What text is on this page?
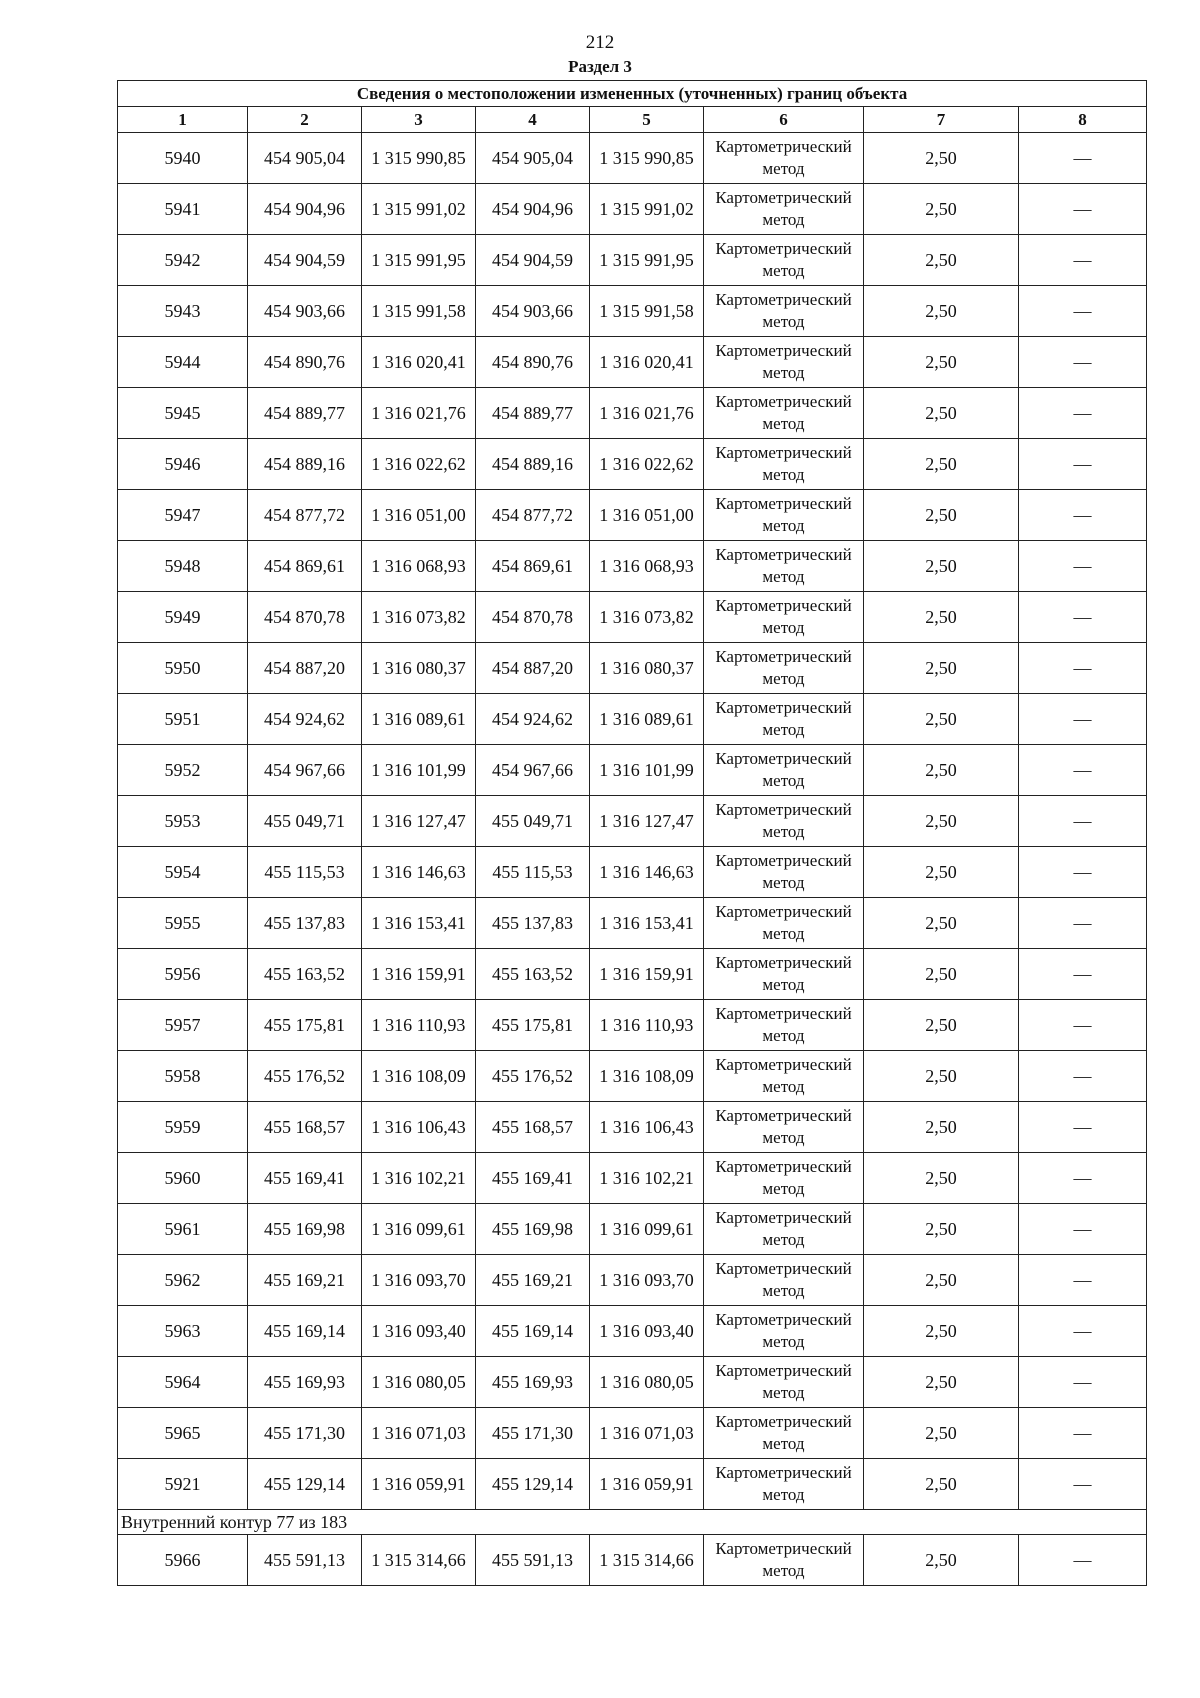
212
Раздел 3
Сведения о местоположении измененных (уточненных) границ объекта							
1	2	3	4	5	6	7	8
5940	454 905,04	1 315 990,85	454 905,04	1 315 990,85	Картометрический метод	2,50	—
5941	454 904,96	1 315 991,02	454 904,96	1 315 991,02	Картометрический метод	2,50	—
5942	454 904,59	1 315 991,95	454 904,59	1 315 991,95	Картометрический метод	2,50	—
5943	454 903,66	1 315 991,58	454 903,66	1 315 991,58	Картометрический метод	2,50	—
5944	454 890,76	1 316 020,41	454 890,76	1 316 020,41	Картометрический метод	2,50	—
5945	454 889,77	1 316 021,76	454 889,77	1 316 021,76	Картометрический метод	2,50	—
5946	454 889,16	1 316 022,62	454 889,16	1 316 022,62	Картометрический метод	2,50	—
5947	454 877,72	1 316 051,00	454 877,72	1 316 051,00	Картометрический метод	2,50	—
5948	454 869,61	1 316 068,93	454 869,61	1 316 068,93	Картометрический метод	2,50	—
5949	454 870,78	1 316 073,82	454 870,78	1 316 073,82	Картометрический метод	2,50	—
5950	454 887,20	1 316 080,37	454 887,20	1 316 080,37	Картометрический метод	2,50	—
5951	454 924,62	1 316 089,61	454 924,62	1 316 089,61	Картометрический метод	2,50	—
5952	454 967,66	1 316 101,99	454 967,66	1 316 101,99	Картометрический метод	2,50	—
5953	455 049,71	1 316 127,47	455 049,71	1 316 127,47	Картометрический метод	2,50	—
5954	455 115,53	1 316 146,63	455 115,53	1 316 146,63	Картометрический метод	2,50	—
5955	455 137,83	1 316 153,41	455 137,83	1 316 153,41	Картометрический метод	2,50	—
5956	455 163,52	1 316 159,91	455 163,52	1 316 159,91	Картометрический метод	2,50	—
5957	455 175,81	1 316 110,93	455 175,81	1 316 110,93	Картометрический метод	2,50	—
5958	455 176,52	1 316 108,09	455 176,52	1 316 108,09	Картометрический метод	2,50	—
5959	455 168,57	1 316 106,43	455 168,57	1 316 106,43	Картометрический метод	2,50	—
5960	455 169,41	1 316 102,21	455 169,41	1 316 102,21	Картометрический метод	2,50	—
5961	455 169,98	1 316 099,61	455 169,98	1 316 099,61	Картометрический метод	2,50	—
5962	455 169,21	1 316 093,70	455 169,21	1 316 093,70	Картометрический метод	2,50	—
5963	455 169,14	1 316 093,40	455 169,14	1 316 093,40	Картометрический метод	2,50	—
5964	455 169,93	1 316 080,05	455 169,93	1 316 080,05	Картометрический метод	2,50	—
5965	455 171,30	1 316 071,03	455 171,30	1 316 071,03	Картометрический метод	2,50	—
5921	455 129,14	1 316 059,91	455 129,14	1 316 059,91	Картометрический метод	2,50	—
Внутренний контур 77 из 183							
5966	455 591,13	1 315 314,66	455 591,13	1 315 314,66	Картометрический метод	2,50	—
